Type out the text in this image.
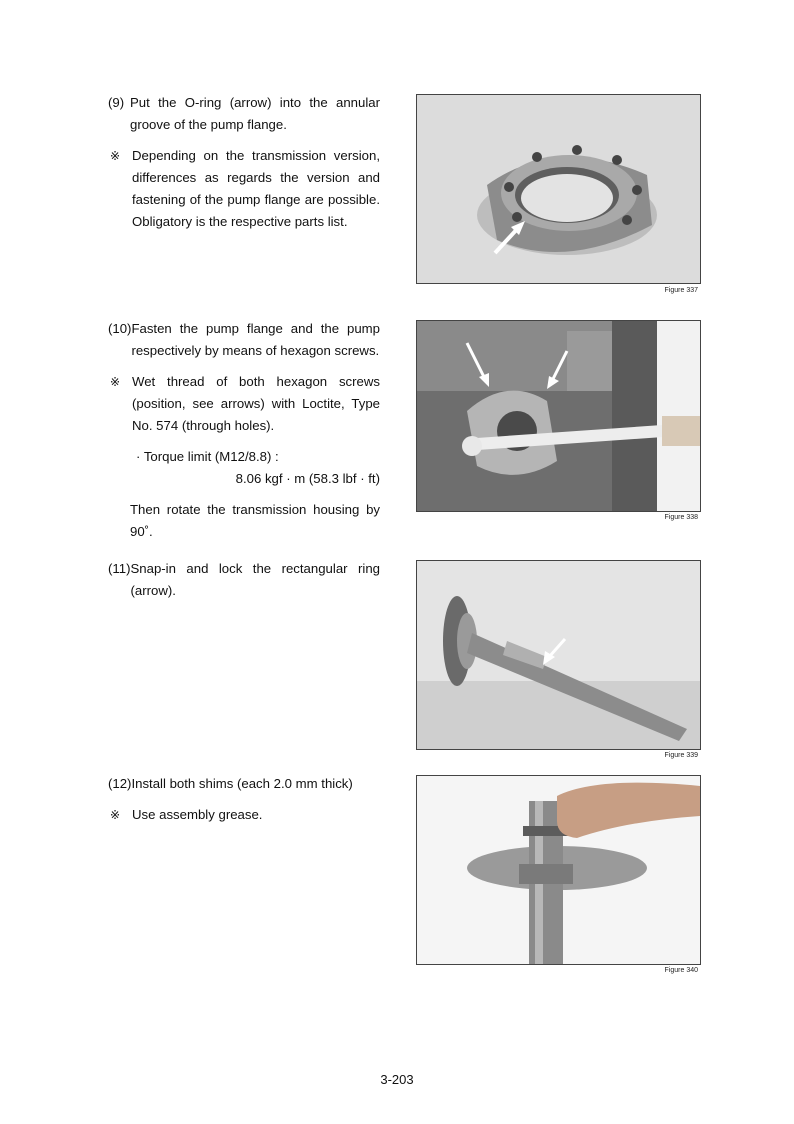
(9) Put the O-ring (arrow) into the annular groove of the pump flange.
※ Depending on the transmission version, differences as regards the version and fastening of the pump flange are possible. Obligatory is the respective parts list.
Figure 337
(10) Fasten the pump flange and the pump respectively by means of hexagon screws.
※ Wet thread of both hexagon screws (position, see arrows) with Loctite, Type No. 574 (through holes).
· Torque limit (M12/8.8) :
8.06 kgf · m (58.3 lbf · ft)
Then rotate the transmission housing by 90˚.
Figure 338
(11) Snap-in and lock the rectangular ring (arrow).
Figure 339
(12) Install both shims (each 2.0 mm thick)
※ Use assembly grease.
Figure 340
3-203
